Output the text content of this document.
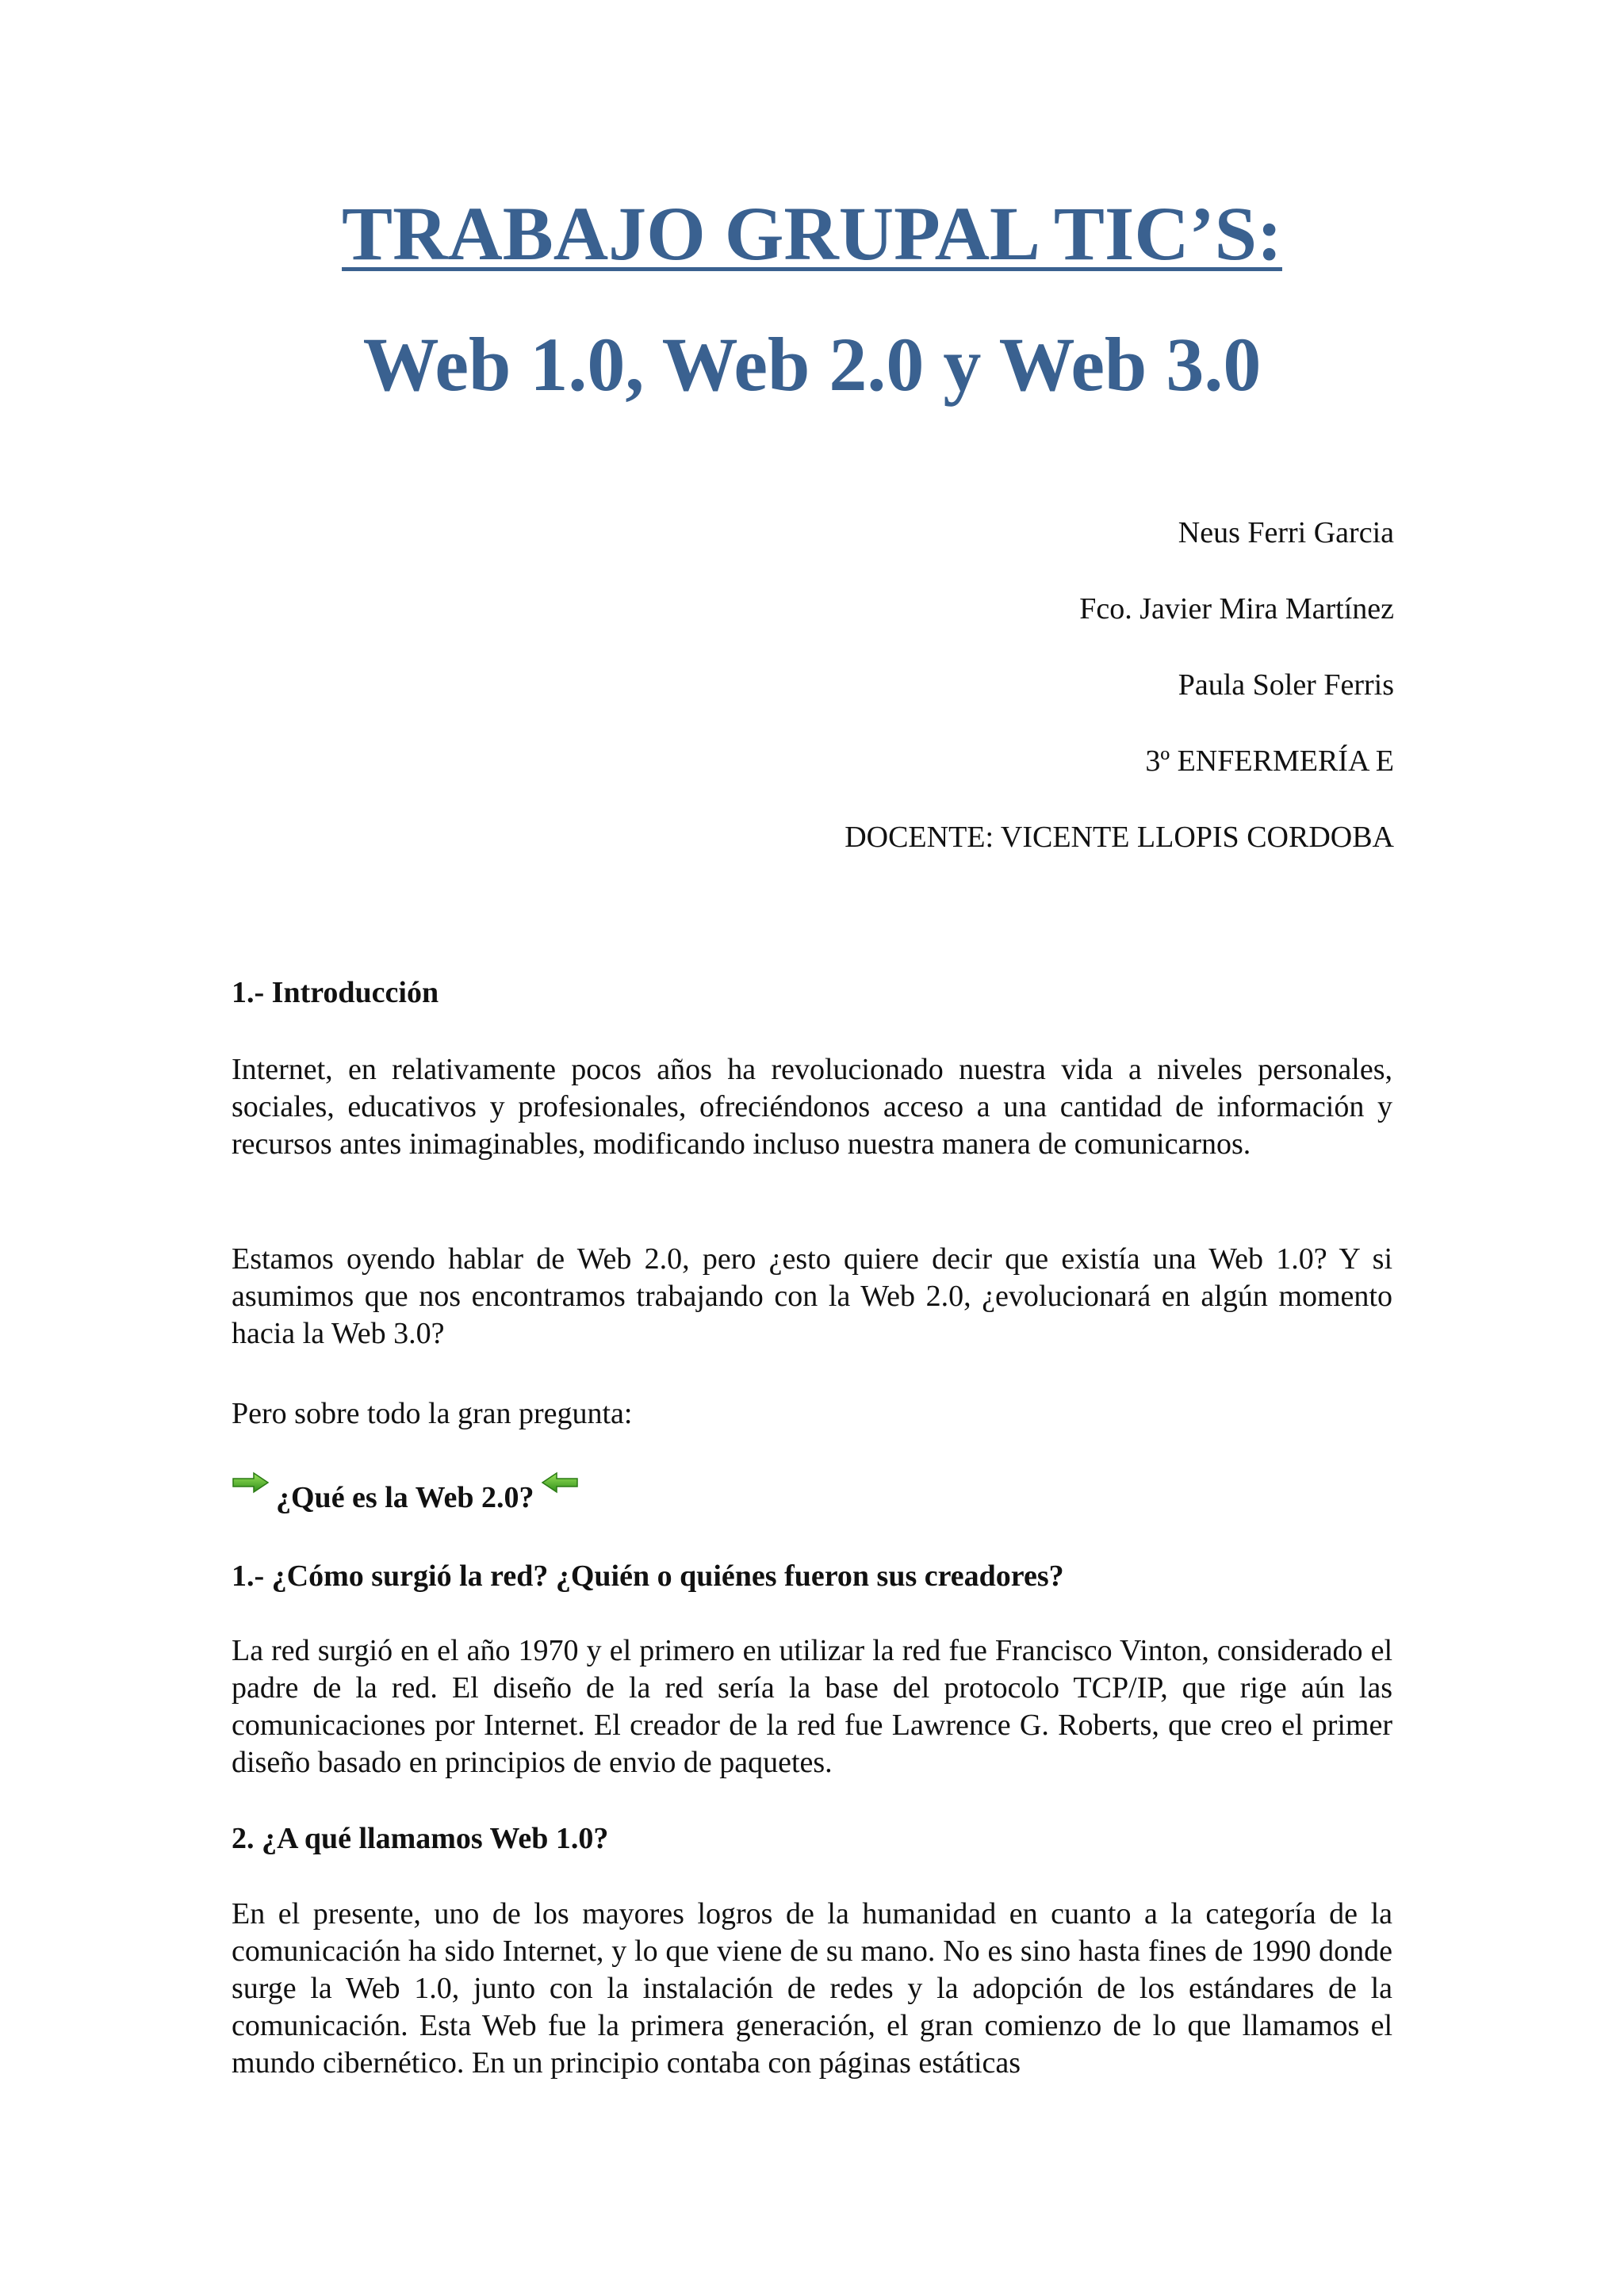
TRABAJO GRUPAL TIC’S:
Web 1.0, Web 2.0 y Web 3.0
Neus Ferri Garcia
Fco. Javier Mira Martínez
Paula Soler Ferris
3º ENFERMERÍA E
DOCENTE: VICENTE LLOPIS CORDOBA

1.- Introducción

Internet, en relativamente pocos años ha revolucionado nuestra vida a niveles personales, sociales, educativos y profesionales, ofreciéndonos acceso a una cantidad de información y recursos antes inimaginables, modificando incluso nuestra manera de comunicarnos.

Estamos oyendo hablar de Web 2.0, pero ¿esto quiere decir que existía una Web 1.0? Y si asumimos que nos encontramos trabajando con la Web 2.0, ¿evolucionará en algún momento hacia la Web 3.0?

Pero sobre todo la gran pregunta:

¿Qué es la Web 2.0?

1.- ¿Cómo surgió la red? ¿Quién o quiénes fueron sus creadores?

La red surgió en el año 1970 y el primero en utilizar la red fue Francisco Vinton, considerado el padre de la red. El diseño de la red sería la base del protocolo TCP/IP, que rige aún las comunicaciones por Internet. El creador de la red fue Lawrence G. Roberts, que creo el primer diseño basado en principios de envio de paquetes.

2. ¿A qué llamamos Web 1.0?

En el presente, uno de los mayores logros de la humanidad en cuanto a la categoría de la comunicación ha sido Internet, y lo que viene de su mano. No es sino hasta fines de 1990 donde surge la Web 1.0, junto con la instalación de redes y la adopción de los estándares de la comunicación. Esta Web fue la primera generación, el gran comienzo de lo que llamamos el mundo cibernético. En un principio contaba con páginas estáticas
